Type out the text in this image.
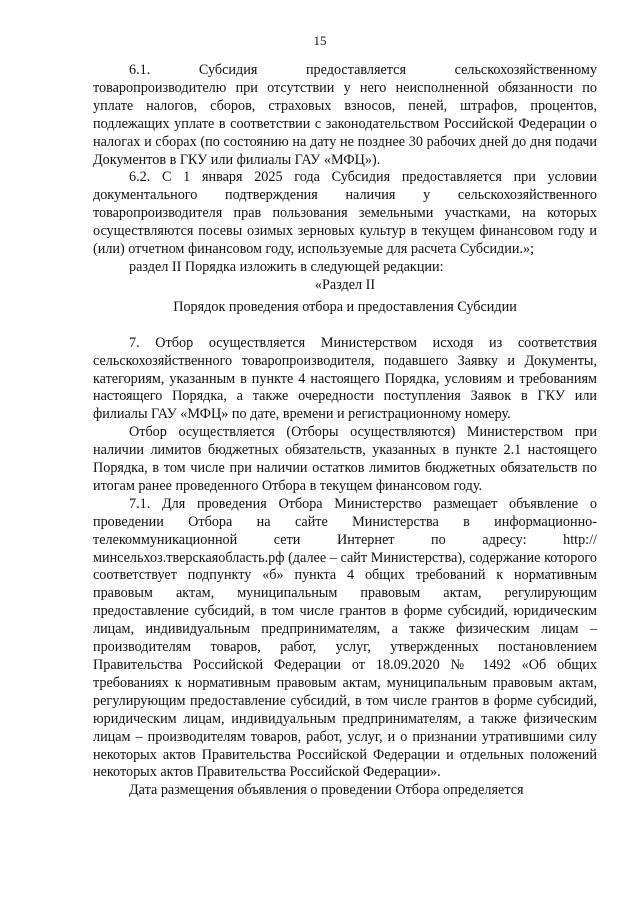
15

6.1. Субсидия предоставляется сельскохозяйственному товаропроизводителю при отсутствии у него неисполненной обязанности по уплате налогов, сборов, страховых взносов, пеней, штрафов, процентов, подлежащих уплате в соответствии с законодательством Российской Федерации о налогах и сборах (по состоянию на дату не позднее 30 рабочих дней до дня подачи Документов в ГКУ или филиалы ГАУ «МФЦ»).

6.2. С 1 января 2025 года Субсидия предоставляется при условии документального подтверждения наличия у сельскохозяйственного товаропроизводителя прав пользования земельными участками, на которых осуществляются посевы озимых зерновых культур в текущем финансовом году и (или) отчетном финансовом году, используемые для расчета Субсидии.»;

раздел II Порядка изложить в следующей редакции:

«Раздел II

Порядок проведения отбора и предоставления Субсидии

7. Отбор осуществляется Министерством исходя из соответствия сельскохозяйственного товаропроизводителя, подавшего Заявку и Документы, категориям, указанным в пункте 4 настоящего Порядка, условиям и требованиям настоящего Порядка, а также очередности поступления Заявок в ГКУ или филиалы ГАУ «МФЦ» по дате, времени и регистрационному номеру.

Отбор осуществляется (Отборы осуществляются) Министерством при наличии лимитов бюджетных обязательств, указанных в пункте 2.1 настоящего Порядка, в том числе при наличии остатков лимитов бюджетных обязательств по итогам ранее проведенного Отбора в текущем финансовом году.

7.1. Для проведения Отбора Министерство размещает объявление о проведении Отбора на сайте Министерства в информационно-телекоммуникационной сети Интернет по адресу: http://минсельхоз.тверскаяобласть.рф (далее – сайт Министерства), содержание которого соответствует подпункту «б» пункта 4 общих требований к нормативным правовым актам, муниципальным правовым актам, регулирующим предоставление субсидий, в том числе грантов в форме субсидий, юридическим лицам, индивидуальным предпринимателям, а также физическим лицам – производителям товаров, работ, услуг, утвержденных постановлением Правительства Российской Федерации от 18.09.2020 № 1492 «Об общих требованиях к нормативным правовым актам, муниципальным правовым актам, регулирующим предоставление субсидий, в том числе грантов в форме субсидий, юридическим лицам, индивидуальным предпринимателям, а также физическим лицам – производителям товаров, работ, услуг, и о признании утратившими силу некоторых актов Правительства Российской Федерации и отдельных положений некоторых актов Правительства Российской Федерации».

Дата размещения объявления о проведении Отбора определяется
